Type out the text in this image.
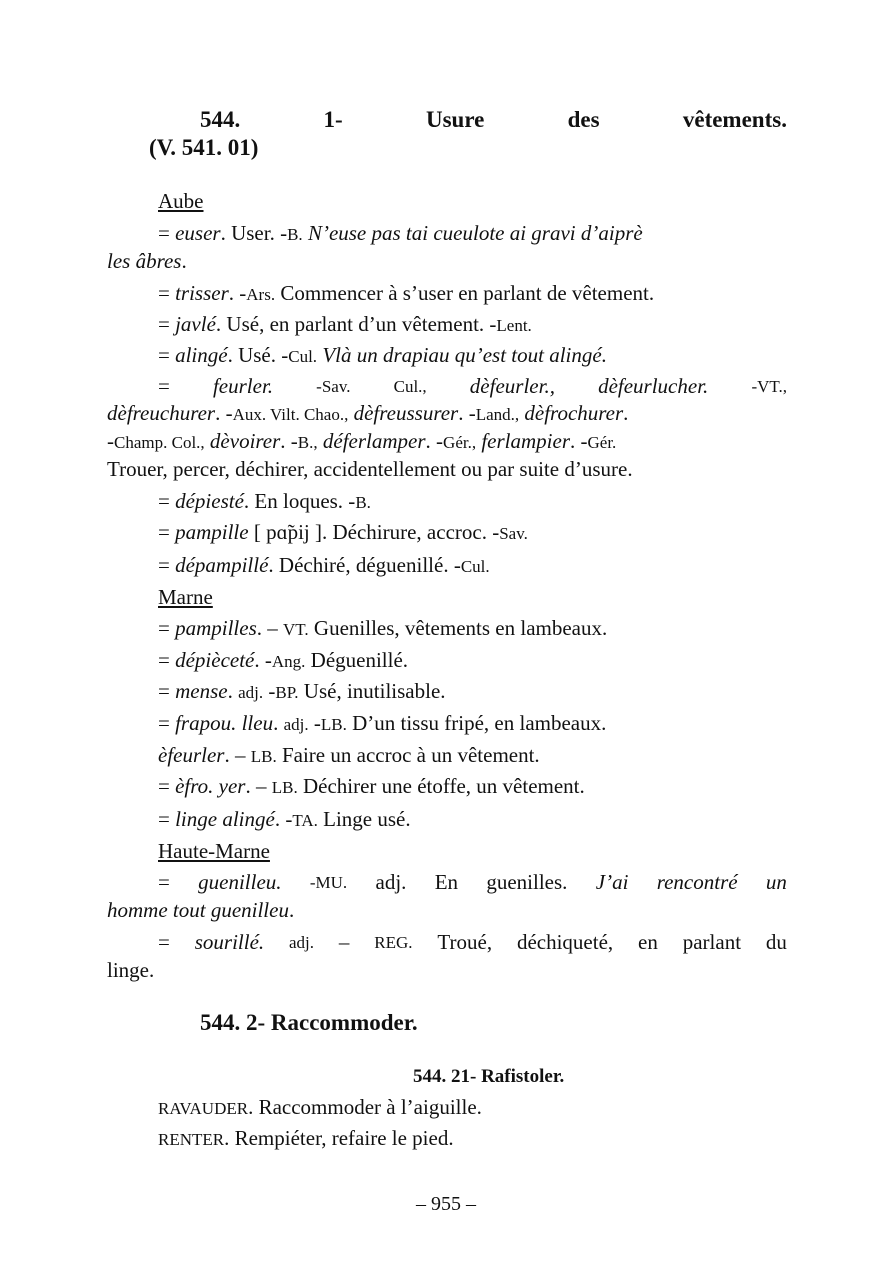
544.	1-	Usure	des	vêtements.
(V. 541. 01)
Aube
= euser. User. -B. N’euse pas tai cueulote ai gravi d’aiprè
les âbres.
= trisser. -Ars. Commencer à s’user en parlant de vêtement.
= javlé. Usé, en parlant d’un vêtement. -Lent.
= alingé. Usé. -Cul. Vlà un drapiau qu’est tout alingé.
= feurler.	-Sav.	Cul., dèfeurler., dèfeurlucher.	-VT.,
dèfreuchurer. -Aux. Vilt. Chao., dèfreussurer. -Land., dèfrochurer.
-Champ. Col., dèvoirer. -B., déferlamper. -Gér., ferlampier. -Gér.
Trouer, percer, déchirer, accidentellement ou par suite d’usure.
= dépiesté. En loques. -B.
= pampille [ pɑ̃pij ]. Déchirure, accroc. -Sav.
= dépampillé. Déchiré, déguenillé. -Cul.
Marne
= pampilles. – VT. Guenilles, vêtements en lambeaux.
= dépièceté. -Ang. Déguenillé.
= mense. adj. -BP. Usé, inutilisable.
= frapou. lleu. adj. -LB. D’un tissu fripé, en lambeaux.
èfeurler. – LB. Faire un accroc à un vêtement.
= èfro. yer. – LB. Déchirer une étoffe, un vêtement.
= linge alingé. -TA. Linge usé.
Haute-Marne
= guenilleu. -MU. adj. En guenilles. J’ai rencontré un
homme tout guenilleu.
= sourillé. adj. – REG. Troué, déchiqueté, en parlant du
linge.
544. 2- Raccommoder.
544. 21- Rafistoler.
RAVAUDER. Raccommoder à l’aiguille.
RENTER. Rempiéter, refaire le pied.
– 955 –
